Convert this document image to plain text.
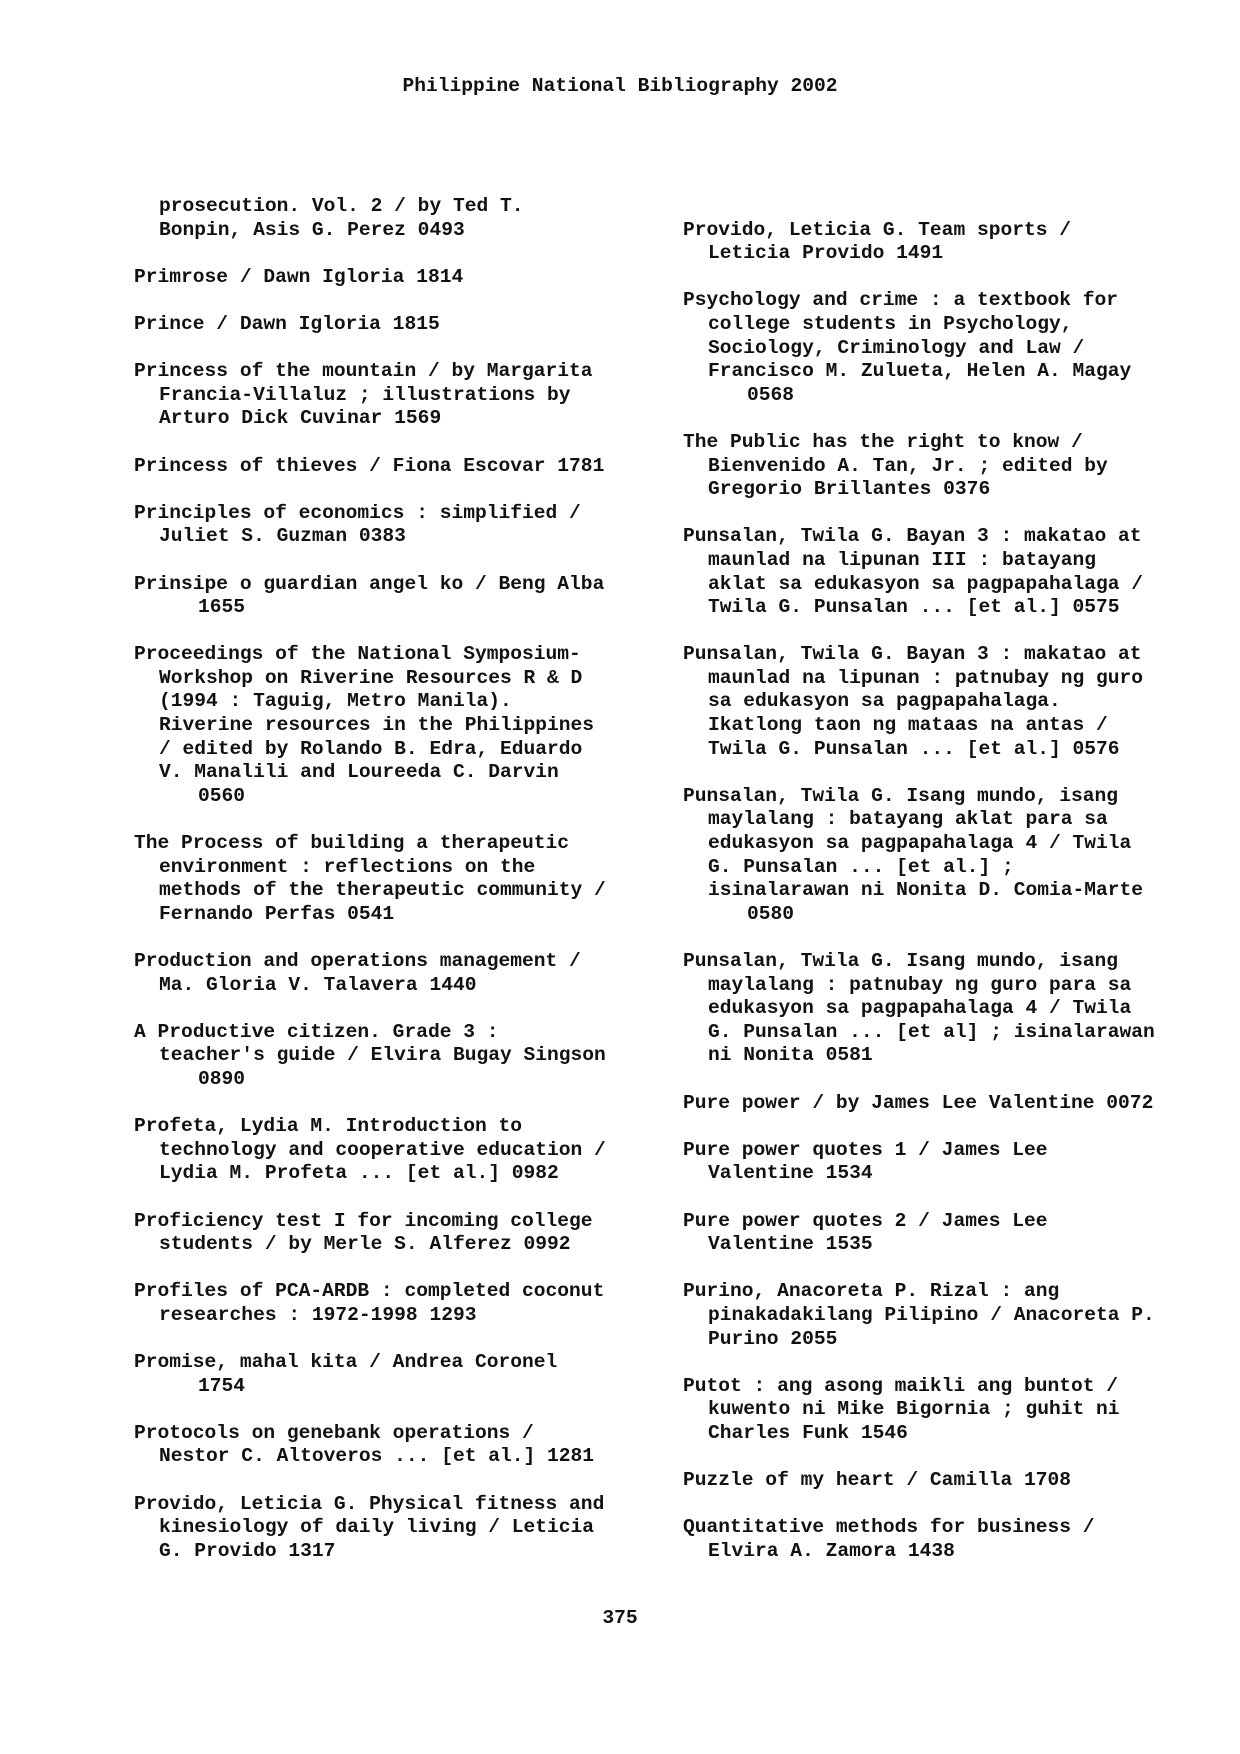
Philippine National Bibliography 2002
prosecution. Vol. 2 / by Ted T.
Bonpin, Asis G. Perez 0493
Primrose / Dawn Igloria 1814
Prince / Dawn Igloria 1815
Princess of the mountain / by Margarita
Francia-Villaluz ; illustrations by
Arturo Dick Cuvinar 1569
Princess of thieves / Fiona Escovar 1781
Principles of economics : simplified /
Juliet S. Guzman 0383
Prinsipe o guardian angel ko / Beng Alba
1655
Proceedings of the National Symposium-
Workshop on Riverine Resources R & D
(1994 : Taguig, Metro Manila).
Riverine resources in the Philippines
/ edited by Rolando B. Edra, Eduardo
V. Manalili and Loureeda C. Darvin
0560
The Process of building a therapeutic
environment : reflections on the
methods of the therapeutic community /
Fernando Perfas 0541
Production and operations management /
Ma. Gloria V. Talavera 1440
A Productive citizen. Grade 3 :
teacher's guide / Elvira Bugay Singson
0890
Profeta, Lydia M. Introduction to
technology and cooperative education /
Lydia M. Profeta ... [et al.] 0982
Proficiency test I for incoming college
students / by Merle S. Alferez 0992
Profiles of PCA-ARDB : completed coconut
researches : 1972-1998 1293
Promise, mahal kita / Andrea Coronel
1754
Protocols on genebank operations /
Nestor C. Altoveros ... [et al.] 1281
Provido, Leticia G. Physical fitness and
kinesiology of daily living / Leticia
G. Provido 1317
Provido, Leticia G. Team sports /
Leticia Provido 1491
Psychology and crime : a textbook for
college students in Psychology,
Sociology, Criminology and Law /
Francisco M. Zulueta, Helen A. Magay
0568
The Public has the right to know /
Bienvenido A. Tan, Jr. ; edited by
Gregorio Brillantes 0376
Punsalan, Twila G. Bayan 3 : makatao at
maunlad na lipunan III : batayang
aklat sa edukasyon sa pagpapahalaga /
Twila G. Punsalan ... [et al.] 0575
Punsalan, Twila G. Bayan 3 : makatao at
maunlad na lipunan : patnubay ng guro
sa edukasyon sa pagpapahalaga.
Ikatlong taon ng mataas na antas /
Twila G. Punsalan ... [et al.] 0576
Punsalan, Twila G. Isang mundo, isang
maylalang : batayang aklat para sa
edukasyon sa pagpapahalaga 4 / Twila
G. Punsalan ... [et al.] ;
isinalarawan ni Nonita D. Comia-Marte
0580
Punsalan, Twila G. Isang mundo, isang
maylalang : patnubay ng guro para sa
edukasyon sa pagpapahalaga 4 / Twila
G. Punsalan ... [et al] ; isinalarawan
ni Nonita 0581
Pure power / by James Lee Valentine 0072
Pure power quotes 1 / James Lee
Valentine 1534
Pure power quotes 2 / James Lee
Valentine 1535
Purino, Anacoreta P. Rizal : ang
pinakadakilang Pilipino / Anacoreta P.
Purino 2055
Putot : ang asong maikli ang buntot /
kuwento ni Mike Bigornia ; guhit ni
Charles Funk 1546
Puzzle of my heart / Camilla 1708
Quantitative methods for business /
Elvira A. Zamora 1438
375
